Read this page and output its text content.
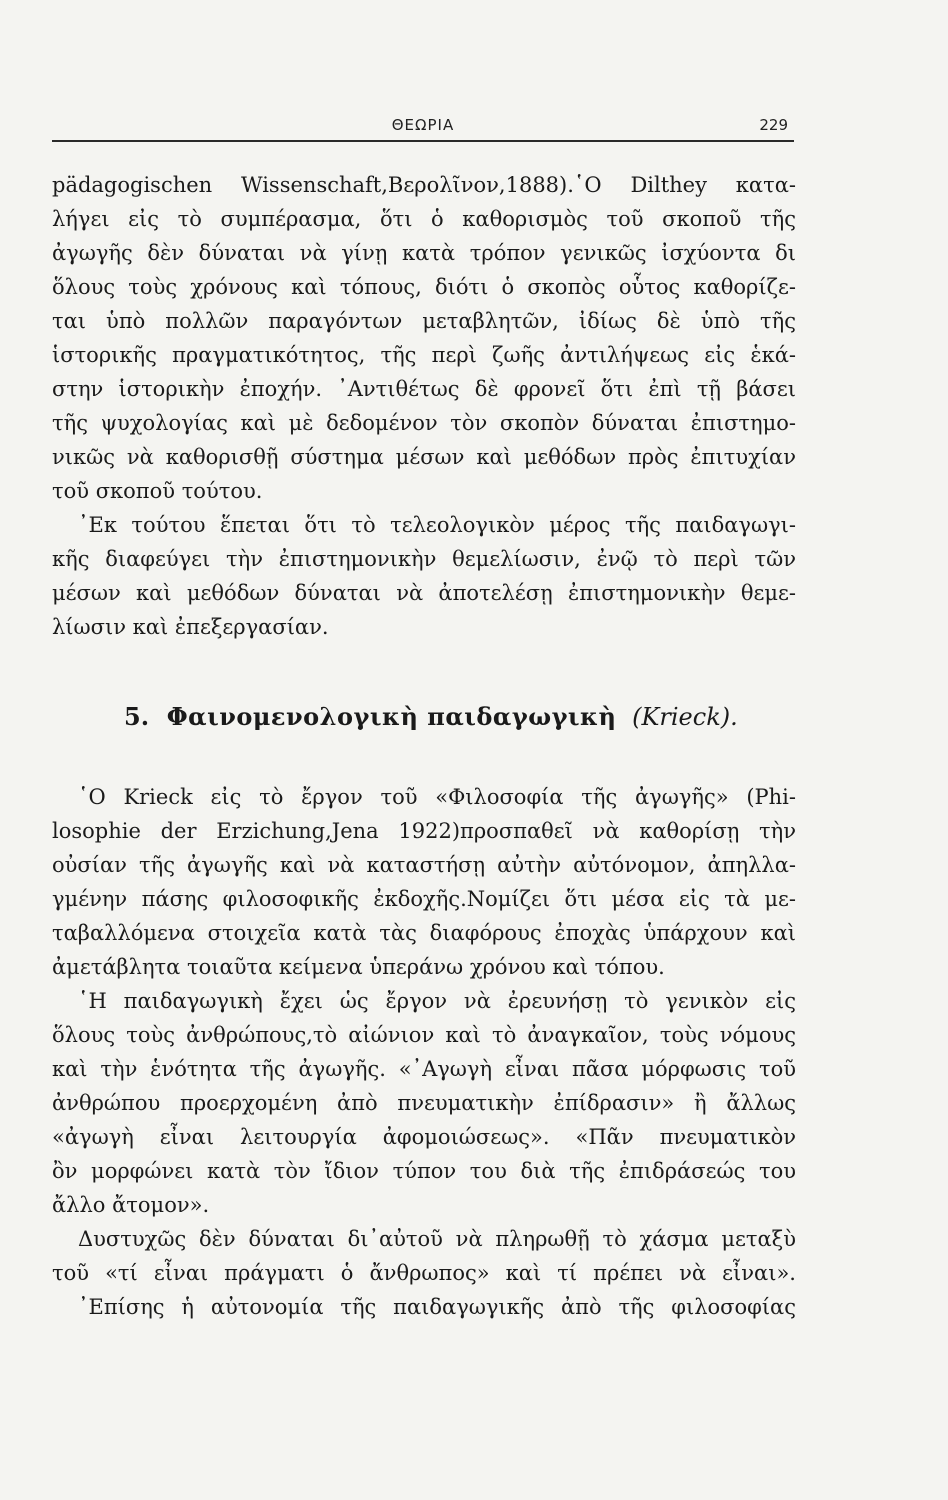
ΘΕΩΡΙΑ	229
pädagogischen Wissenschaft,Βερολῖνον,1888).῾Ο Dilthey κατα-
λήγει εἰς τὸ συμπέρασμα, ὅτι ὁ καθορισμὸς τοῦ σκοποῦ τῆς
ἀγωγῆς δὲν δύναται νὰ γίνῃ κατὰ τρόπον γενικῶς ἰσχύοντα δι
ὅλους τοὺς χρόνους καὶ τόπους, διότι ὁ σκοπὸς οὗτος καθορίζε-
ται ὑπὸ πολλῶν παραγόντων μεταβλητῶν, ἰδίως δὲ ὑπὸ τῆς
ἱστορικῆς πραγματικότητος, τῆς περὶ ζωῆς ἀντιλήψεως εἰς ἑκά-
στην ἱστορικὴν ἐποχήν. ᾿Αντιθέτως δὲ φρονεῖ ὅτι ἐπὶ τῇ βάσει
τῆς ψυχολογίας καὶ μὲ δεδομένον τὸν σκοπὸν δύναται ἐπιστημο-
νικῶς νὰ καθορισθῇ σύστημα μέσων καὶ μεθόδων πρὸς ἐπιτυχίαν
τοῦ σκοποῦ τούτου.
᾿Εκ τούτου ἕπεται ὅτι τὸ τελεολογικὸν μέρος τῆς παιδαγωγι-
κῆς διαφεύγει τὴν ἐπιστημονικὴν θεμελίωσιν, ἐνῷ τὸ περὶ τῶν
μέσων καὶ μεθόδων δύναται νὰ ἀποτελέσῃ ἐπιστημονικὴν θεμε-
λίωσιν καὶ ἐπεξεργασίαν.
5. Φαινομενολογικὴ παιδαγωγικὴ (Krieck).
῾Ο Krieck εἰς τὸ ἔργον τοῦ «Φιλοσοφία τῆς ἀγωγῆς» (Phi-
losophie der Erzichung,Jena 1922)προσπαθεῖ νὰ καθορίσῃ τὴν
οὐσίαν τῆς ἀγωγῆς καὶ νὰ καταστήσῃ αὐτὴν αὐτόνομον, ἀπηλλα-
γμένην πάσης φιλοσοφικῆς ἐκδοχῆς.Νομίζει ὅτι μέσα εἰς τὰ με-
ταβαλλόμενα στοιχεῖα κατὰ τὰς διαφόρους ἐποχὰς ὑπάρχουν καὶ
ἀμετάβλητα τοιαῦτα κείμενα ὑπεράνω χρόνου καὶ τόπου.
῾Η παιδαγωγικὴ ἔχει ὡς ἔργον νὰ ἐρευνήσῃ τὸ γενικὸν εἰς
ὅλους τοὺς ἀνθρώπους,τὸ αἰώνιον καὶ τὸ ἀναγκαῖον, τοὺς νόμους
καὶ τὴν ἑνότητα τῆς ἀγωγῆς. «᾿Αγωγὴ εἶναι πᾶσα μόρφωσις τοῦ
ἀνθρώπου προερχομένη ἀπὸ πνευματικὴν ἐπίδρασιν» ἢ ἄλλως
«ἀγωγὴ εἶναι λειτουργία ἀφομοιώσεως». «Πᾶν πνευματικὸν
ὂν μορφώνει κατὰ τὸν ἴδιον τύπον του διὰ τῆς ἐπιδράσεώς του
ἄλλο ἄτομον».
Δυστυχῶς δὲν δύναται δι᾿αὐτοῦ νὰ πληρωθῇ τὸ χάσμα μεταξὺ
τοῦ «τί εἶναι πράγματι ὁ ἄνθρωπος» καὶ τί πρέπει νὰ εἶναι».
᾿Επίσης ἡ αὐτονομία τῆς παιδαγωγικῆς ἀπὸ τῆς φιλοσοφίας
